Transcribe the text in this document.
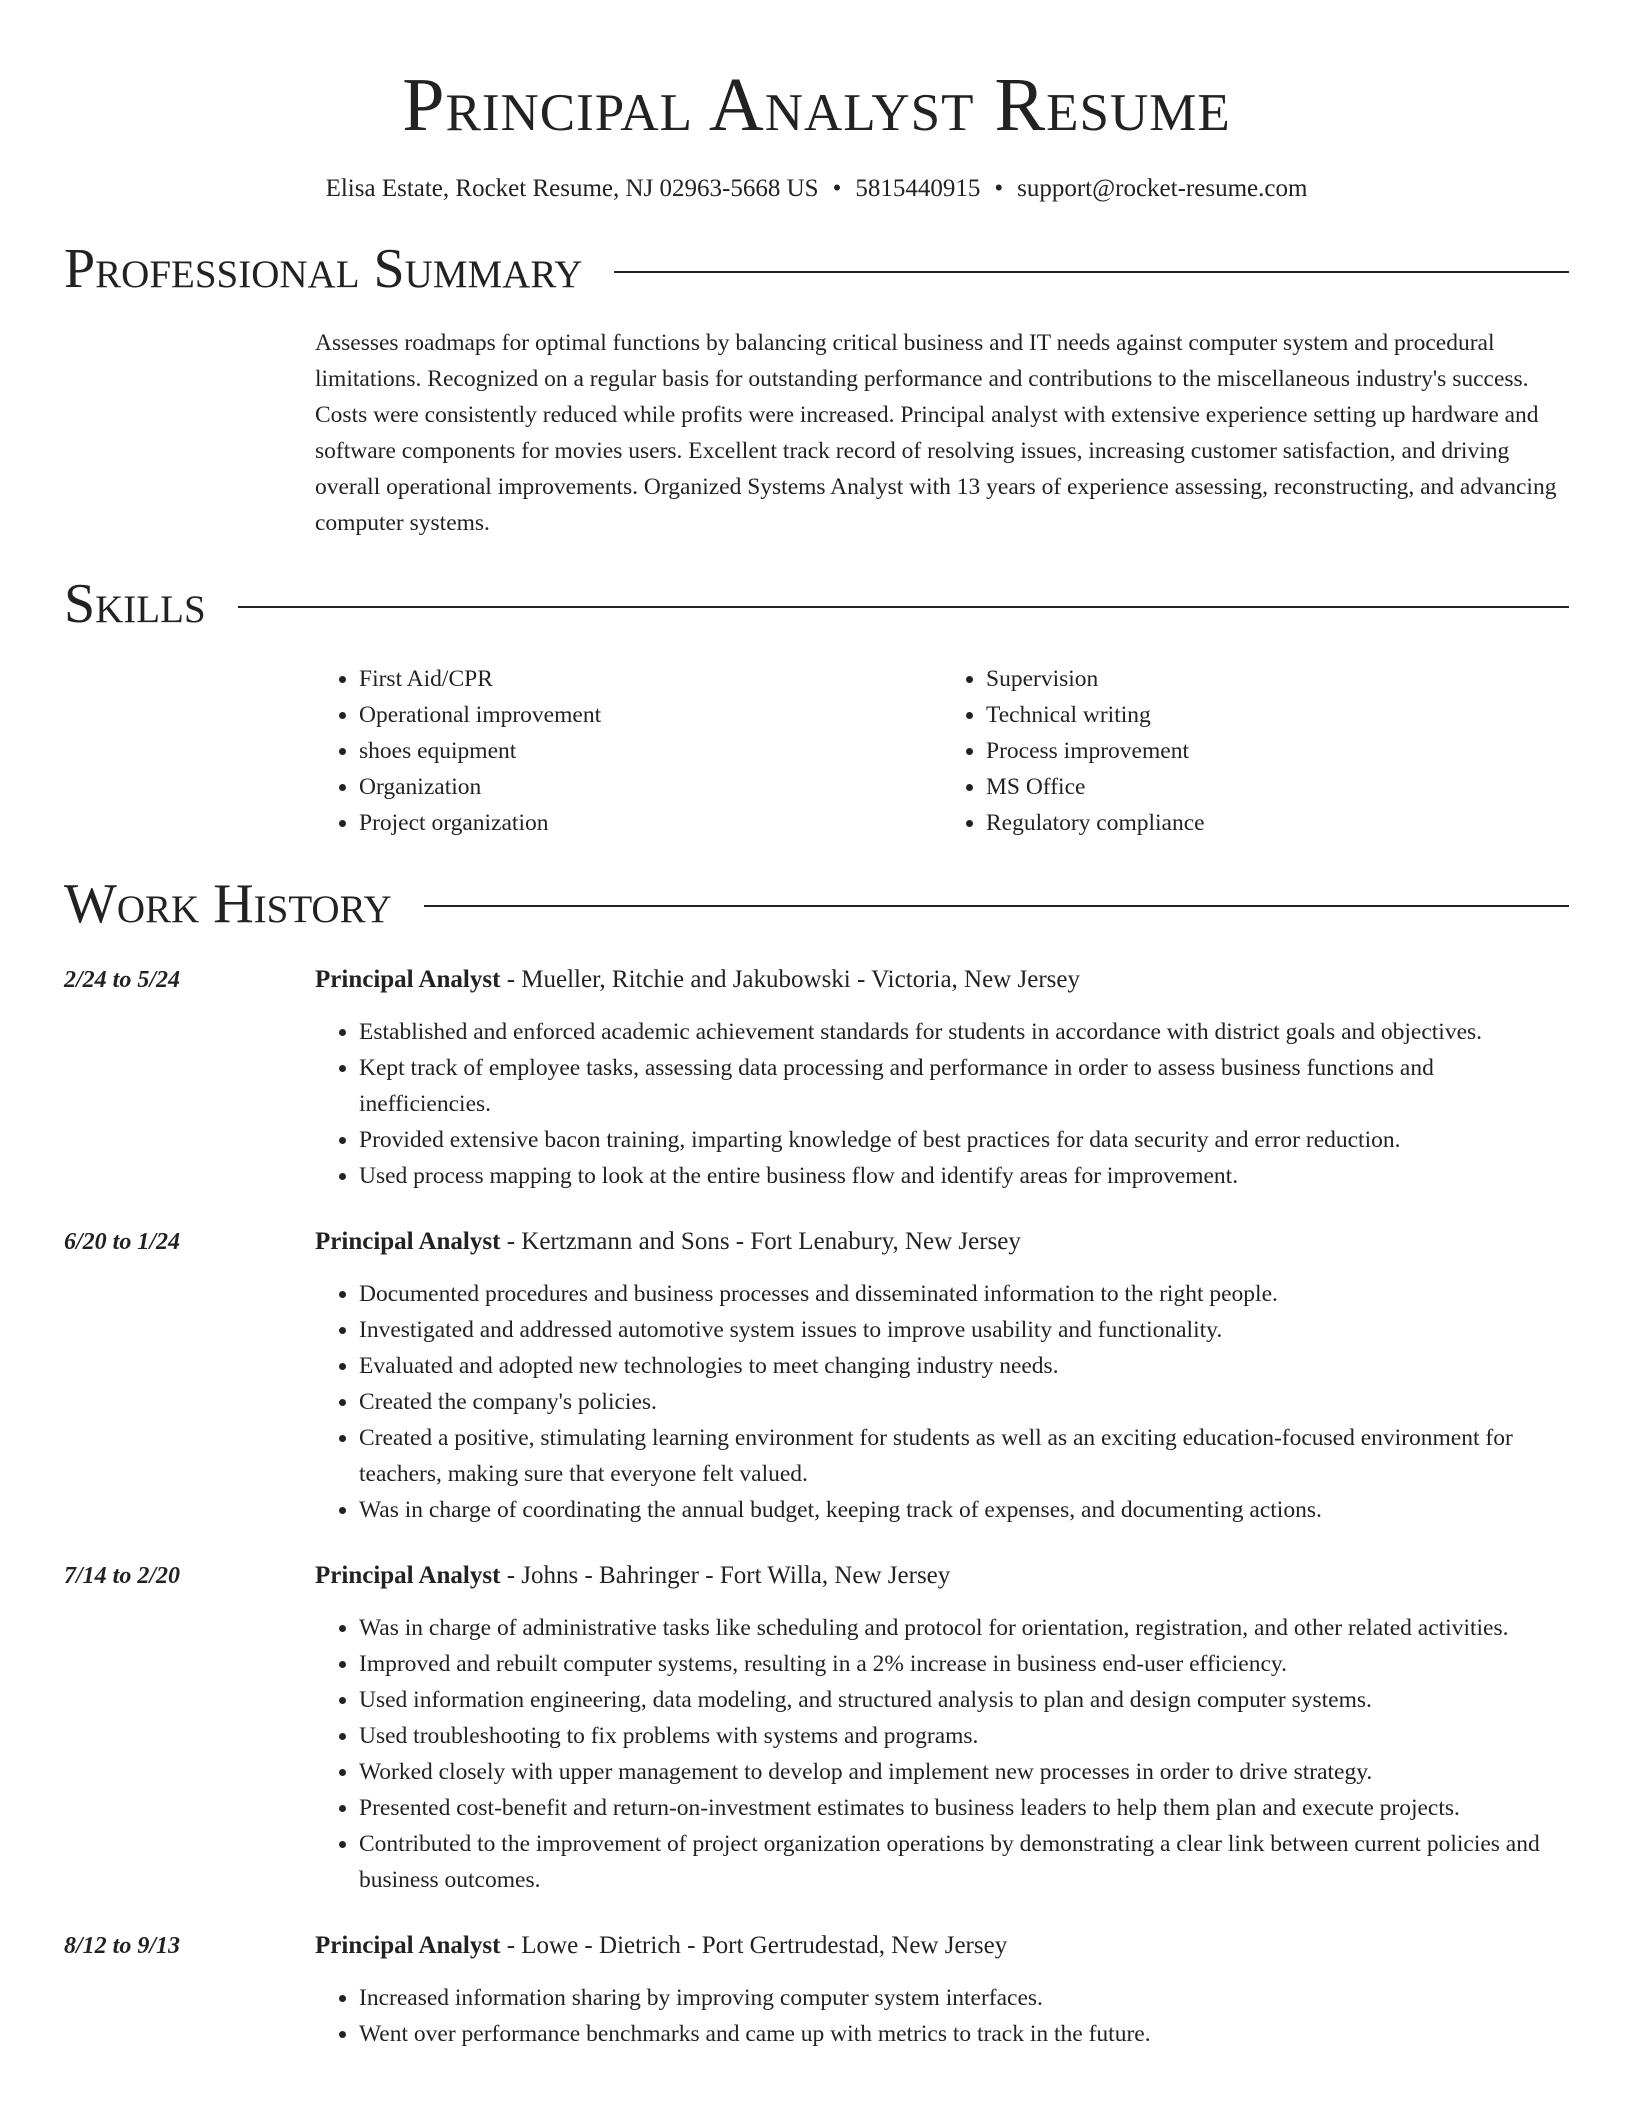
Principal Analyst Resume
Elisa Estate, Rocket Resume, NJ 02963-5668 US • 5815440915 • support@rocket-resume.com
Professional Summary
Assesses roadmaps for optimal functions by balancing critical business and IT needs against computer system and procedural limitations. Recognized on a regular basis for outstanding performance and contributions to the miscellaneous industry's success. Costs were consistently reduced while profits were increased. Principal analyst with extensive experience setting up hardware and software components for movies users. Excellent track record of resolving issues, increasing customer satisfaction, and driving overall operational improvements. Organized Systems Analyst with 13 years of experience assessing, reconstructing, and advancing computer systems.
Skills
• First Aid/CPR
• Operational improvement
• shoes equipment
• Organization
• Project organization
• Supervision
• Technical writing
• Process improvement
• MS Office
• Regulatory compliance
Work History
2/24 to 5/24	Principal Analyst - Mueller, Ritchie and Jakubowski - Victoria, New Jersey
• Established and enforced academic achievement standards for students in accordance with district goals and objectives.
• Kept track of employee tasks, assessing data processing and performance in order to assess business functions and inefficiencies.
• Provided extensive bacon training, imparting knowledge of best practices for data security and error reduction.
• Used process mapping to look at the entire business flow and identify areas for improvement.
6/20 to 1/24	Principal Analyst - Kertzmann and Sons - Fort Lenabury, New Jersey
• Documented procedures and business processes and disseminated information to the right people.
• Investigated and addressed automotive system issues to improve usability and functionality.
• Evaluated and adopted new technologies to meet changing industry needs.
• Created the company's policies.
• Created a positive, stimulating learning environment for students as well as an exciting education-focused environment for teachers, making sure that everyone felt valued.
• Was in charge of coordinating the annual budget, keeping track of expenses, and documenting actions.
7/14 to 2/20	Principal Analyst - Johns - Bahringer - Fort Willa, New Jersey
• Was in charge of administrative tasks like scheduling and protocol for orientation, registration, and other related activities.
• Improved and rebuilt computer systems, resulting in a 2% increase in business end-user efficiency.
• Used information engineering, data modeling, and structured analysis to plan and design computer systems.
• Used troubleshooting to fix problems with systems and programs.
• Worked closely with upper management to develop and implement new processes in order to drive strategy.
• Presented cost-benefit and return-on-investment estimates to business leaders to help them plan and execute projects.
• Contributed to the improvement of project organization operations by demonstrating a clear link between current policies and business outcomes.
8/12 to 9/13	Principal Analyst - Lowe - Dietrich - Port Gertrudestad, New Jersey
• Increased information sharing by improving computer system interfaces.
• Went over performance benchmarks and came up with metrics to track in the future.
